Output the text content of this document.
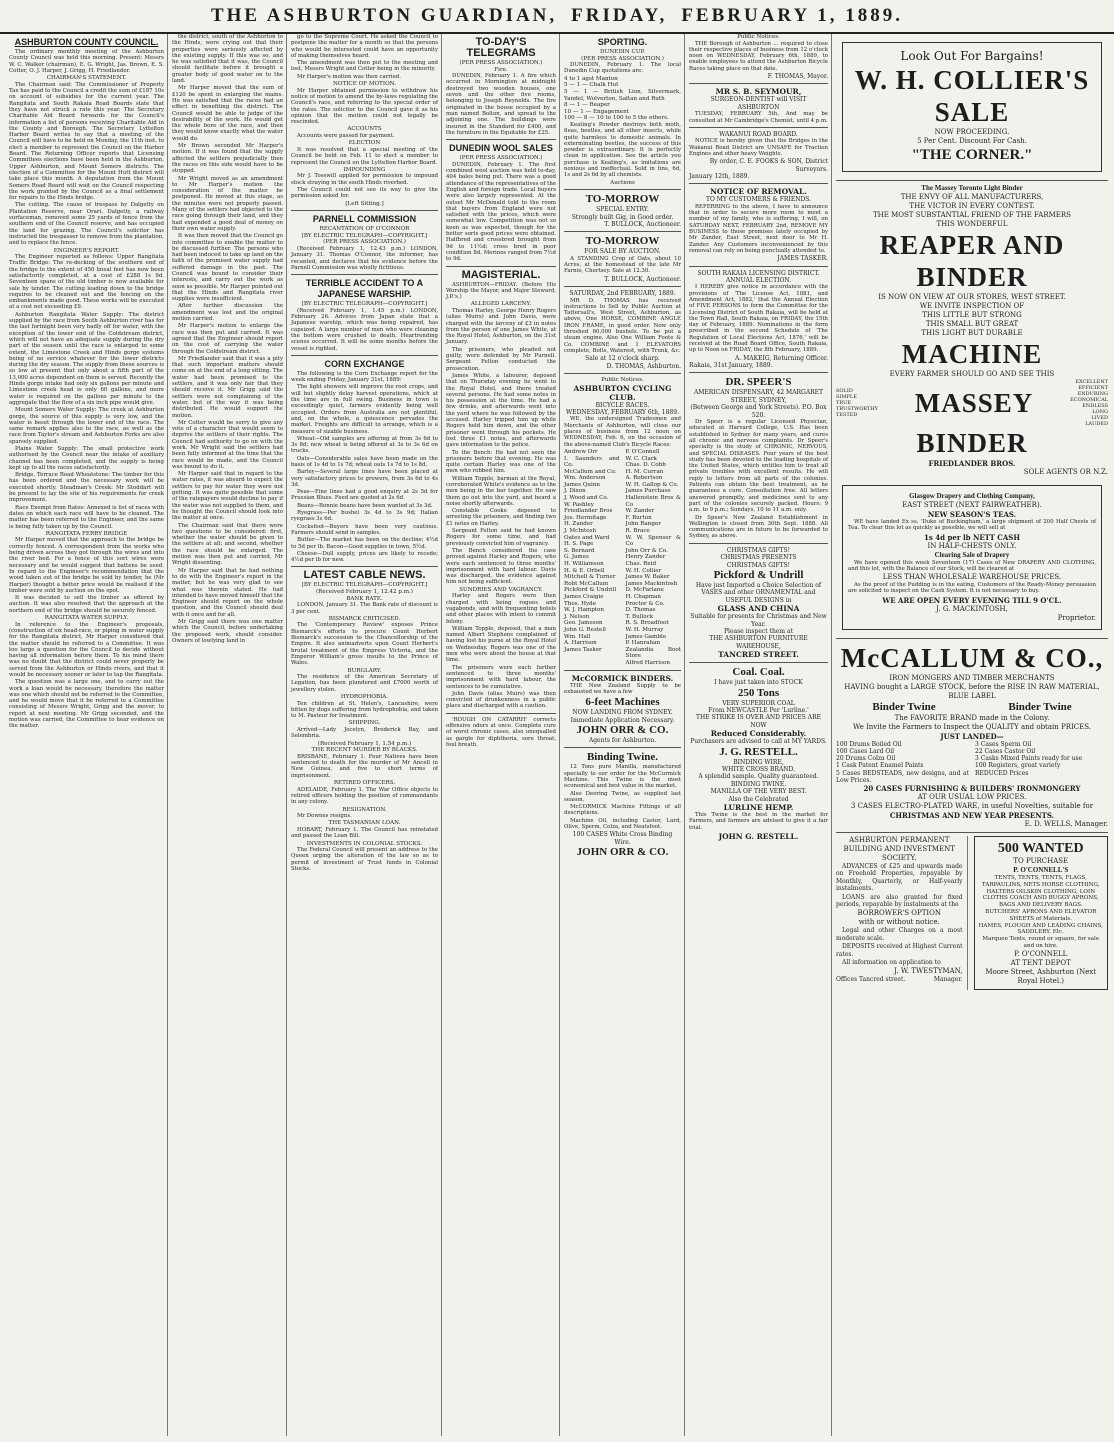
THE ASHBURTON GUARDIAN, FRIDAY, FEBRUARY 1, 1889.
ASHBURTON COUNTY COUNCIL.

The ordinary monthly meeting of the Ashburton County Council was held this morning. Present: Messrs W. C. Walker (chairman), E. G. Wright, Jas. Brown, E. S. Cotter, O. J. Harper, J. Grigg, H. Friedlander.

CHAIRMAN'S STATEMENT.

The Chairman said: The Commissioner of Property Tax has paid to the Council a credit the sum of £187 10s on account of subsidies for the current year. The Rangitata and South Rakaia Road Boards state that they have not struck a rate this year. The Secretary Charitable Aid Board forwards for the Council's information a list of persons receiving Charitable Aid in the County and Borough. The Secretary Lyttelton Harbor Board writes to say that a meeting of the Council will have to be held on Monday, the 11th inst. to elect a member to represent the Council on the Harbor Board. The Returning Officer reports that Licensing Committees elections have been held in the Ashburton, Upper Ashburton, and Mount Somers districts. The election of a Committee for the Mount Hutt district will take place this month. A deputation from the Mount Somers Road Board will wait on the Council respecting the work granted by the Council as a final settlement for repairs to the Hinds bridge.

The cutting. The cause of trespass by Dalgetty on Plantation Reserve, near Orari. Dalgetty, a railway surfaceman, removed some 25 yards of fence from the southern end of the Council reserve, and has occupied the land for grazing. The Council's solicitor has instructed the trespasser to remove from the plantation, and to replace the fence.

ENGINEER'S REPORT.

The Engineer reported as follows: Upper Rangitata Traffic Bridge: The re-decking of the southern end of the bridge to the extent of 450 lineal feet has now been satisfactorily completed, at a cost of £288 1s 9d. Seventeen spans of the old timber is now available for sale by tender. The cutting leading down to the bridge requires to be cleaned out and the fencing on the embankments made good. These works will be executed at a cost not exceeding £9.

Ashburton Rangitata Water Supply: The district supplied by the race from South Ashburton river has for the last fortnight been very badly off for water, with the exception of the lower end of the Coldstream district, which will not have an adequate supply during the dry part of the season until the race is enlarged to some extent, the Limestone Creek and Hinds gorge systems being of no service whatever for the lower districts during the dry season. The supply from these sources is so low at present that only about a fifth part of the 13,000 acres dependent on them is served. Recently the Hinds gorge intake had only six gallons per minute and Limestone creek head is only 60 gallons, and more water is required on the gallons per minute to the aggregate that the flow of a six inch pipe would give.

Mount Somers Water Supply: The creek at Ashburton gorge, the source of this supply is very low, and the water is beset through the lower end of the race. The same remark applies also to the race, as well as the race from Taylor's stream and Ashburton Forks are also sparsely supplied.

Plains Water Supply: The small protective work authorised by the Council near the intake of auxiliary channel has been completed, and the supply is being kept up to all the races satisfactorily.

Bridge, Terrace Road Wheatstone: The timber for this has been ordered and the necessary work will be executed shortly. Steadman's Creek: Mr Stoddart will be present to lay the site of his requirements for creek improvement.

Race Exempt from Rates: Annexed is list of races with dates on which each race will have to be cleaned. The matter has been referred to the Engineer, and the same is being fully taken up by the Council.

RANGITATA FERRY BRIDGE

Mr Harper moved that the approach to the bridge be correctly fenced. A correspondent from the works who being driven across they got through the wires and into the river bed. For a fence of this sort wires were necessary and he would suggest that battens be used. In regard to the Engineer's recommendation that the wood taken out of the bridge be sold by tender, he (Mr Harper) thought a better price would be realised if the timber were sold by auction on the spot.

It was decided to sell the timber as offered by auction. It was also resolved that the approach at the northern end of the bridge should be securely fenced.

RANGITATA WATER SUPPLY.

In reference to the Engineer's proposals, (construction of six head-race, or piping in water supply for the Rangitata district, Mr Harper considered that the matter should be referred to a Committee. It was too large a question for the Council to decide without having all information before them. To his mind there was no doubt that the district could never properly be served from the Ashburton or Hinds rivers, and that it would be necessary sooner or later to tap the Rangitata.

The question was a large one, and to carry out the work a loan would be necessary, therefore the matter was one which should not be referred to the Committee, and he would move that it be referred to a Committee consisting of Messrs Wright, Grigg and the mover, to report at next meeting. Mr Grigg seconded, and the motion was carried, the Committee to hear evidence on the matter.

the district, south of the Ashburton to the Hinds, were crying out that their properties were seriously affected by the existing supply. If this was so, and he was satisfied that it was, the Council should facilitate before it brought a greater body of good water on to the land.

Mr Harper moved that the sum of £120 be spent in enlarging the mains. He was satisfied that the races had an effect in benefiting the district. The Council would be able to judge of the desirability of the work. He would get the whole bore of the race, and then they would know exactly what the water would do.

Mr Brown seconded Mr Harper's motion. If it was found that the supply affected the settlers prejudicially then the races on this side would have to be stopped.

Mr Wright moved as an amendment to Mr Harper's motion the consideration of the matter be postponed. He moved at this stage, as the minutes were not properly passed. Many of the settlers had objected to the race going through their land, and they had expended a good deal of money on their own water supply.

It was then moved that the Council go into committee to enable the matter to be discussed further. The persons who had been induced to take up land on the faith of the promised water supply had suffered damage in the past. The Council was bound to consider their interests, and carry out the work as soon as possible. Mr Harper pointed out that the Hinds and Rangitata river supplies were insufficient.

After further discussion the amendment was lost and the original motion carried.

Mr Harper's motion to enlarge the race was then put and carried. It was agreed that the Engineer should report on the cost of carrying the water through the Coldstream district.

Mr Friedlander said that it was a pity that such important matters should come on at the end of a long sitting. The water had been promised to the settlers, and it was only fair that they should receive it. Mr Grigg said the settlers were not complaining of the water, but of the way it was being distributed. He would support the motion.

Mr Cotter would be sorry to give any vote of a character that would seem to deprive the settlers of their rights. The Council had authority to go on with the work. Mr Wright said the settlers had been fully informed at the time that the race would be made, and the Council was bound to do it.

Mr Harper said that in regard to the water rates, it was absurd to expect the settlers to pay for water they were not getting. It was quite possible that some of the ratepayers would decline to pay if the water was not supplied to them, and he thought the Council should look into the matter at once.

The Chairman said that there were two questions to be considered: first, whether the water should be given to the settlers at all; and second, whether the race should be enlarged. The motion was then put and carried, Mr Wright dissenting.

Mr Harper said that he had nothing to do with the Engineer's report in the matter, but he was very glad to see what was therein stated. He had intended to have moved himself that the Engineer should report on the whole question, and the Council should deal with it once and for all.

Mr Grigg said there was one matter which the Council, before undertaking the proposed work, should consider. Owners of lowlying land in

go to the Supreme Court. He asked the Council to postpone the matter for a month so that the persons who would be interested could have an opportunity of making themselves heard.

The amendment was then put to the meeting and lost, Messrs Wright and Cotter being in the minority.

Mr Harper's motion was then carried.

NOTICE OF MOTION.

Mr Harper obtained permission to withdraw his notice of motion to amend the by-laws regulating the Council's race, and referring to the special order of the rates. The solicitor to the Council gave it as his opinion that the motion could not legally be rescinded.

ACCOUNTS

Accounts were passed for payment.

ELECTION

It was resolved that a special meeting of the Council be held on Feb. 11 to elect a member to represent the Council on the Lyttelton Harbor Board.

IMPOUNDING

Mr J. Tosswill applied for permission to impound stock straying in the south Hinds riverbed.

The Council could not see its way to give the permission asked for.

[Left Sitting.]
PARNELL COMMISSION
RECANTATION OF O'CONNOR
[BY ELECTRIC TELEGRAPH—COPYRIGHT.]
(PER PRESS ASSOCIATION.)

(Received February 1, 12.43 p.m.) LONDON, January 31. Thomas O'Connor, the informer, has recanted, and declares that his evidence before the Parnell Commission was wholly fictitious.

TERRIBLE ACCIDENT TO A JAPANESE WARSHIP.
[BY ELECTRIC TELEGRAPH—COPYRIGHT.]

(Received February 1, 1.45 p.m.) LONDON, February 26. Advices from Japan state that a Japanese warship, which was being repaired, has capsized. A large number of men who were cleaning the bottom were crushed to death. Heartrending scenes occurred. It will be some months before the vessel is righted.

CORN EXCHANGE

The following is the Corn Exchange report for the week ending Friday, January 31st, 1889:

The light showers will improve the root crops, and will but slightly delay harvest operations, which at the time are in full swing. Business in town is exceedingly quiet, farmers evidently being well occupied. Orders from Australia are not plentiful, and, on the whole, a quiescence pervades the market. Freights are difficult to arrange, which is a measure of sizable business.

Wheat—Old samples are offering at from 3s 6d to 3s 8d; new wheat is being offered at 3s to 3s 6d on trucks.

Oats—Considerable sales have been made on the basis of 1s 4d to 1s 7d; wheat oats 1s 7d to 1s 8d.

Barley—Several large lines have been placed at very satisfactory prices to growers, from 3s 6d to 4s 3d.

Peas—Fine lines had a good enquiry at 2s 5d for Prussian Blues. Feed are quoted at 2s 6d.

Beans—Bonnie beans have been wanted at 3s 3d.

Ryegrass—Per bushel 3s 4d to 3s 9d; Italian ryegrass 3s 6d.

Cocksfoot—Buyers have been very cautious. Farmers should send in samples.

Butter—The market has been on the decline; 4½d to 5d per lb. Bacon—Good supplies in town, 5½d.

Cheese—Dull supply, prices are likely to recede; 4½d per lb for new.

LATEST CABLE NEWS.
[BY ELECTRIC TELEGRAPH—COPYRIGHT.]
(Received February 1, 12.42 p.m.)
BANK RATE.

LONDON, January 31. The Bank rate of discount is 3 per cent.

BISMARCK CRITICISED.

The 'Contemporary Review' exposes Prince Bismarck's efforts to procure Count Herbert Bismarck's succession to the Chancellorship of the Empire. It also animadverts upon Count Herbert's brutal treatment of the Empress Victoria, and the Emperor William's gross insults to the Prince of Wales.

BURGLARY.

The residence of the American Secretary of Legation, has been plundered and £7000 worth of jewellery stolen.

HYDROPHOBIA.

Ten children at St. Helen's, Lancashire, were bitten by dogs suffering from hydrophobia, and taken to M. Pasteur for treatment.

SHIPPING.

Arrived—Lady Jocelyn, Broderick Bay, and Selembria.

(Received February 1, 1.54 p.m.)
THE RECENT MURDER BY BLACKS.

BRISBANE, February 1. Four Natives have been sentenced to death for the murder of Mr Ancell in New Guinea, and five to short terms of imprisonment.

RETIRED OFFICERS.

ADELAIDE, February 1. The War Office objects to retired officers holding the position of commandants in any colony.

RESIGNATION.

Mr Downes resigns.

THE TASMANIAN LOAN.

HOBART, February 1. The Council has reinstated and passed the Loan Bill.

INVESTMENTS IN COLONIAL STOCKS.

The Federal Council will present an address to the Queen urging the alteration of the law so as to permit of investment of Trust funds in Colonial Stocks.

TO-DAY'S TELEGRAMS
(PER PRESS ASSOCIATION.)
Fire.

DUNEDIN, February 1. A fire which occurred in Mornington at midnight destroyed two wooden houses, one seven and the other five rooms, belonging to Joseph Reynolds. The fire originated in the house occupied by a man named Bolton, and spread to the adjoining one. The buildings were insured in the Standard for £400, and the furniture in the Equitable for £25.

DUNEDIN WOOL SALES
(PER PRESS ASSOCIATION.)

DUNEDIN, February 1. The first combined wool auction was held to-day, 404 bales being put. There was a good attendance of the representatives of the English and foreign trade. Local buyers were also largely represented. At the outset Mr McDonald told to the room that buyers from England were not satisfied with the prices, which were somewhat low. Competition was not so keen as was expected, though for the better sorts good prices were obtained. Halfbred and crossbred brought from 9d to 11½d; cross bred in poor condition 8d. Merinos ranged from 7½d to 9d.

MAGISTERIAL.

ASHBURTON—FRIDAY. (Before His Worship the Mayor, and Major Steward, J.P.'s.)

ALLEGED LARCENY.

Thomas Harley, George Henry Rogers (alias Muirs) and John Davis, were charged with the larceny of £3 in notes from the person of one James White, at the Royal Hotel, Ashburton, on the 31st January.

The prisoners, who pleaded not guilty, were defended by Mr Purnell. Sergeant Felton conducted the prosecution.

James White, a labourer, deposed that on Thursday evening he went to the Royal Hotel, and there treated several persons. He had some notes in his possession at the time. He had a few drinks, and afterwards went into the yard where he was followed by the accused. Harley tripped him up while Rogers held him down, and the other prisoner went through his pockets. He lost three £1 notes, and afterwards gave information to the police.

To the Bench: He had not seen the prisoners before that evening. He was quite certain Harley was one of the men who robbed him.

William Topple, barman at the Royal, corroborated White's evidence as to the men being in the bar together. He saw them go out into the yard, and heard a noise shortly afterwards.

Constable Cooke deposed to arresting the prisoners, and finding two £1 notes on Harley.

Sergeant Felton said he had known Rogers for some time, and had previously convicted him of vagrancy.

The Bench considered the case proved against Harley and Rogers, who were each sentenced to three months' imprisonment with hard labour. Davis was discharged, the evidence against him not being sufficient.

SUNDRIES AND VAGRANCY.

Harley and Rogers were then charged with being rogues and vagabonds, and with frequenting hotels and other places with intent to commit felony.

William Topple, deposed, that a man named Albert Stephens complained of having lost his purse at the Royal Hotel on Wednesday. Rogers was one of the men who were about the house at that time.

The prisoners were each further sentenced to three months' imprisonment with hard labour, the sentences to be cumulative.

John Davis (alias Muirs) was then convicted of drunkenness in a public place and discharged with a caution.

'ROUGH ON CATARRH' corrects offensive odors at once. Complete cure of worst chronic cases, also unequalled as gargle for diphtheria, sore throat, foul breath.

SPORTING.
DUNEDIN CUP.
(PER PRESS ASSOCIATION.)

DUNEDIN, February 1. The local Dunedin Cup quotations are:

4 to 1 agst Manton
5 — 1 — Chalk Hut
5 — 1 — British Lion, Silvermark, Yandel, Wolverton, Saltan and Ruth
8 — 1 — Reaper
10 — 1 — Engagement
100 — 8 — 10 to 100 to 5 the others.

Keating's Powder destroys both moth, fleas, beetles, and all other insects, while quite harmless to domestic animals. In exterminating beetles, the success of this powder is extraordinary. It is perfectly clean in application. See the article you purchase is Keating's, as imitations are noxious and ineffectual. Sold in tins, 6d, 1s and 2s 6d by all chemists.

Auctions
TO-MORROW
SPECIAL ENTRY.
Strongly built Gig, in Good order.
T. BULLOCK, Auctioneer.
TO-MORROW
FOR SALE BY AUCTION.

A STANDING Crop of Oats, about 10 Acres, at the homestead of the late Mr Farnie, Chertsey. Sale at 12.30.

T. BULLOCK, Auctioneer.
SATURDAY, 2nd FEBRUARY, 1889.

MR D. THOMAS has received instructions to Sell by Public Auction at Tattersall's, West Street, Ashburton, as above, One HORSE, COMBINE ANGLE IRON FRAME, in good order. Now only threshed 60,000 bushels. To be put a steam engine. Also One William Foote & Co. COMBINE and 1 ELEVATORS complete, Bolts, Waterest, with Trunk, &c.

Sale at 12 o'clock sharp.
D. THOMAS, Ashburton.
Public Notices.
ASHBURTON CYCLING CLUB.
BICYCLE RACES.
WEDNESDAY, FEBRUARY 6th, 1889.

WE, the undersigned Tradesmen and Merchants of Ashburton, will close our places of business from 12 noon on WEDNESDAY, Feb. 6, on the occasion of the above-named Club's Bicycle Races:

Andrew Orr
I. Saunders and Co.
McCallum and Co.
Wm. Anderson
James Quinn
J. Dixon
J. Wood and Co.
W. Pashley
Friedlander Bros
Jos. Hermitage
H. Zander
J. McIntosh
Oates and Ward
H. S. Page
S. Bernard
G. James
H. Williamson
H. & E. Orbell
Mitchell & Turner
Robt McCallum
Pickford & Undrill
James Craigie
Thos. Hyde
W. J. Hampton
J. Nelson
Geo. Jameson
John G. Restell
Wm. Hall
A. Harrison
James Tasker
P. O'Connell
W. C. Clark
Chas. D. Cobb
H. M. Curran
A. Robertson
W. H. Gallop & Co.
James Purchase
Hallenstein Bros & Co
W. Zander
F. Burton
John Ranger
R. Brace
W. W. Spenser & Co
John Orr & Co.
Henry Zander
Chas. Reid
W. H. Collier
James W. Baker
James Mackintosh
D. McFarlane
H. Chapman
Proctor & Co.
D. Thomas
T. Bullock
R. S. Broadfoot
W. H. Murray
James Gamble
P. Hanrahan
Zealandia Boot Store
Alfred Harrison
McCORMICK BINDERS.

THE New Zealand Supply to be exhausted we have a few

6-feet Machines
NOW LANDING FROM SYDNEY.
Immediate Application Necessary.
JOHN ORR & CO.
Agents for Ashburton.
Binding Twine.

12 Tons pure Manilla, manufactured specially to our order for the McCormick Machine. This Twine is the most economical and best value in the market.

Also Deering Twine, as supplied last season.

McCORMICK Machine Fittings of all descriptions.

Machine Oil, including Castor, Lard, Olive, Sperm, Colza, and Neatsfoot.

100 CASES White Cross Binding Wire.
JOHN ORR & CO.
Public Notices.

THE Borough of Ashburton ... required to close their respective places of business from 12 o'clock noon on WEDNESDAY, February 6th, 1889, to enable employees to attend the Ashburton Bicycle Races taking place on that date.

F. THOMAS, Mayor.
MR S. B. SEYMOUR,
SURGEON-DENTIST will VISIT ASHBURTON

TUESDAY, FEBRUARY 5th, And may be consulted at Mr Cambridge's Chemist, until 4 p.m.

WAKANUI ROAD BOARD.

NOTICE is hereby given that the Bridges in the Wakanui Road District are UNSAFE for Traction Engines and other heavy Weights.

By order, C. E. FOOKS & SON, District Surveyors.
January 12th, 1889.
NOTICE OF REMOVAL.
TO MY CUSTOMERS & FRIENDS.

REFERRING to the above, I have to announce that in order to secure more room to meet a number of my family, who is suffering, I will, on SATURDAY NEXT, FEBRUARY 2nd, REMOVE MY BUSINESS to those premises lately occupied by Mr Zander, East Street, next door to Mr H. Zander. Any Customers inconvenienced by this removal can rely on being punctually attended to.

JAMES TASKER.
SOUTH RAKAIA LICENSING DISTRICT.
ANNUAL ELECTION.

I HEREBY give notice in accordance with the provisions of 'The License Act, 1881, and Amendment Act, 1882,' that the Annual Election of FIVE PERSONS to form the Committee for the Licensing District of South Rakaia, will be held at the Town Hall, South Rakaia, on FRIDAY, the 15th day of February, 1889. Nominations in the form prescribed in the second Schedule of 'The Regulation of Local Elections Act, 1876,' will be received at the Road Board Office, South Rakaia, up to Noon on FRIDAY, the 8th February, 1889.

A. MAKEIG, Returning Officer.
Rakaia, 31st January, 1889.
DR. SPEER'S
AMERICAN DISPENSARY, 42 MARGARET STREET, SYDNEY,
(Between George and York Streets). P.O. Box 520.

Dr Speer is a regular Licensed Physician, educated at Harvard College, U.S. Has been established in Sydney for many years, and cures all chronic and nervous complaints. Dr Speer's specialty is the study of CHRONIC, NERVOUS, and SPECIAL DISEASES. Four years of the best study has been devoted to the leading hospitals of the United States, which entitles him to treat all private troubles with excellent results. He will reply to letters from all parts of the colonies. Patients can obtain the best treatment, as he guarantees a cure. Consultation free. All letters answered promptly, and medicines sent to any part of the colonies securely packed. Hours: 9 a.m. to 9 p.m.; Sundays, 10 to 11 a.m. only.

Dr Speer's New Zealand Establishment in Wellington is closed from 30th Sept. 1888. All communications are in future to be forwarded to Sydney, as above.

CHRISTMAS GIFTS!
CHRISTMAS PRESENTS
CHRISTMAS GIFTS!
Pickford & Undrill
Have just Imported a Choice Selection of
VASES and other ORNAMENTAL and
USEFUL DESIGNS in
GLASS AND CHINA
Suitable for presents for Christmas and New Year.
Please inspect them at
THE ASHBURTON FURNITURE WAREHOUSE,
TANCRED STREET.
Coal. Coal.
I have just taken into STOCK
250 Tons
VERY SUPERIOR COAL
From NEWCASTLE Per 'Lurline.'
THE STRIKE IS OVER AND PRICES ARE NOW
Reduced Considerably.
Purchasers are advised to call at MY YARDS.
J. G. RESTELL.
BINDING WIRE,
WHITE CROSS BRAND.
A splendid sample. Quality guaranteed.
BINDING TWINE.
MANILLA OF THE VERY BEST.
Also the Celebrated
LURLINE HEMP.

This Twine is the best in the market for Farmers, and farmers are advised to give it a fair trial.

JOHN G. RESTELL.
Look Out For Bargains!
W. H. COLLIER'S SALE
NOW PROCEEDING.
5 Per Cent. Discount For Cash.
"THE CORNER."
The Massey Toronto Light Binder
THE ENVY OF ALL MANUFACTURERS,
THE VICTOR IN EVERY CONTEST.
THE MOST SUBSTANTIAL FRIEND OF THE FARMERS
THIS WONDERFUL
REAPER AND BINDER
IS NOW ON VIEW AT OUR STORES, WEST STREET.
WE INVITE INSPECTION OF
THIS LITTLE BUT STRONG
THIS SMALL BUT GREAT
THIS LIGHT BUT DURABLE
MACHINE
EVERY FARMER SHOULD GO AND SEE THIS
SOLID
SIMPLE
TRUE
TRUSTWORTHY
TESTED	MASSEY
EXCELLENT
EFFICIENT
ENDURING
ECONOMICAL
ENDLESS
LONG
LIVED
LAUDED
BINDER
FRIEDLANDER BROS.
SOLE AGENTS OR N.Z.
Glasgow Drapery and Clothing Company,
EAST STREET (NEXT FAIRWEATHER).
NEW SEASON'S TEAS.

WE have landed Ex ss. 'Duke of Buckingham,' a large shipment of 200 Half Chests of Tea. To clear this lot as quickly as possible, we will sell at

1s 4d per lb NETT CASH
IN HALF-CHESTS ONLY.
Clearing Sale of Drapery

We have opened this week Seventeen (17) Cases of New DRAPERY AND CLOTHING, and this lot, with the Balance of our Stock, will be cleared at

LESS THAN WHOLESALE WAREHOUSE PRICES.

As the proof of the Pudding is in the eating, Customers of the Ready-Money persuasion are solicited to inspect on the Cash System. It is not necessary to buy.

WE ARE OPEN EVERY EVENING TILL 9 O'CL.
J. G. MACKINTOSH,
Proprietor.
McCALLUM & CO.,
IRON MONGERS AND TIMBER MERCHANTS
HAVING bought a LARGE STOCK, before the RISE IN RAW MATERIAL,
BLUE LABEL
Binder Twine	Binder Twine
The FAVORITE BRAND made in the Colony.
We Invite the Farmers to Inspect the QUALITY and obtain PRICES.
JUST LANDED—
100 Drums Boiled Oil
100 Cases Lard Oil
20 Drums Colza Oil
1 Cask Patent Enamel Paints
5 Cases BEDSTEADS, new designs, and at Low Prices.
3 Cases Sperm Oil
22 Cases Castor Oil
3 Casks Mixed Paints ready for use
100 Registers, great variety
REDUCED Prices
20 CASES FURNISHING & BUILDERS' IRONMONGERY
AT OUR USUAL LOW PRICES.
3 CASES ELECTRO-PLATED WARE, in useful Novelties, suitable for
CHRISTMAS AND NEW YEAR PRESENTS.
E. D. WELLS, Manager.
ASHBURTON PERMANENT BUILDING AND INVESTMENT SOCIETY.

ADVANCES of £25 and upwards made on Freehold Properties, repayable by Monthly, Quarterly, or Half-yearly instalments.

LOANS are also granted for fixed periods, repayable by instalments at the

BORROWER'S OPTION
with or without notice.

Legal and other Charges on a most moderate scale.

DEPOSITS received at Highest Current rates.

All information on application to

J. W. TWESTYMAN,
Offices Tancred street.	Manager.
500 WANTED
TO PURCHASE
P. O'CONNELL'S
TENTS, TENTS, TENTS, FLAGS, TARPAULINS, NETS HORSE CLOTHING, HALTERS OILSKIN CLOTHING, LOIN CLOTHS COACH AND BUGGY APRONS, BAGS AND DELIVERY BAGS.
BUTCHERS' APRONS AND ELEVATOR SHEETS of Materials.
HAMES, PLOUGH AND LEADING CHAINS, SADDLERY, Etc.
Marquee Tents, round or square, for sale and on hire.
P. O'CONNELL
AT TENT DEPOT
Moore Street, Ashburton (Next Royal Hotel.)
